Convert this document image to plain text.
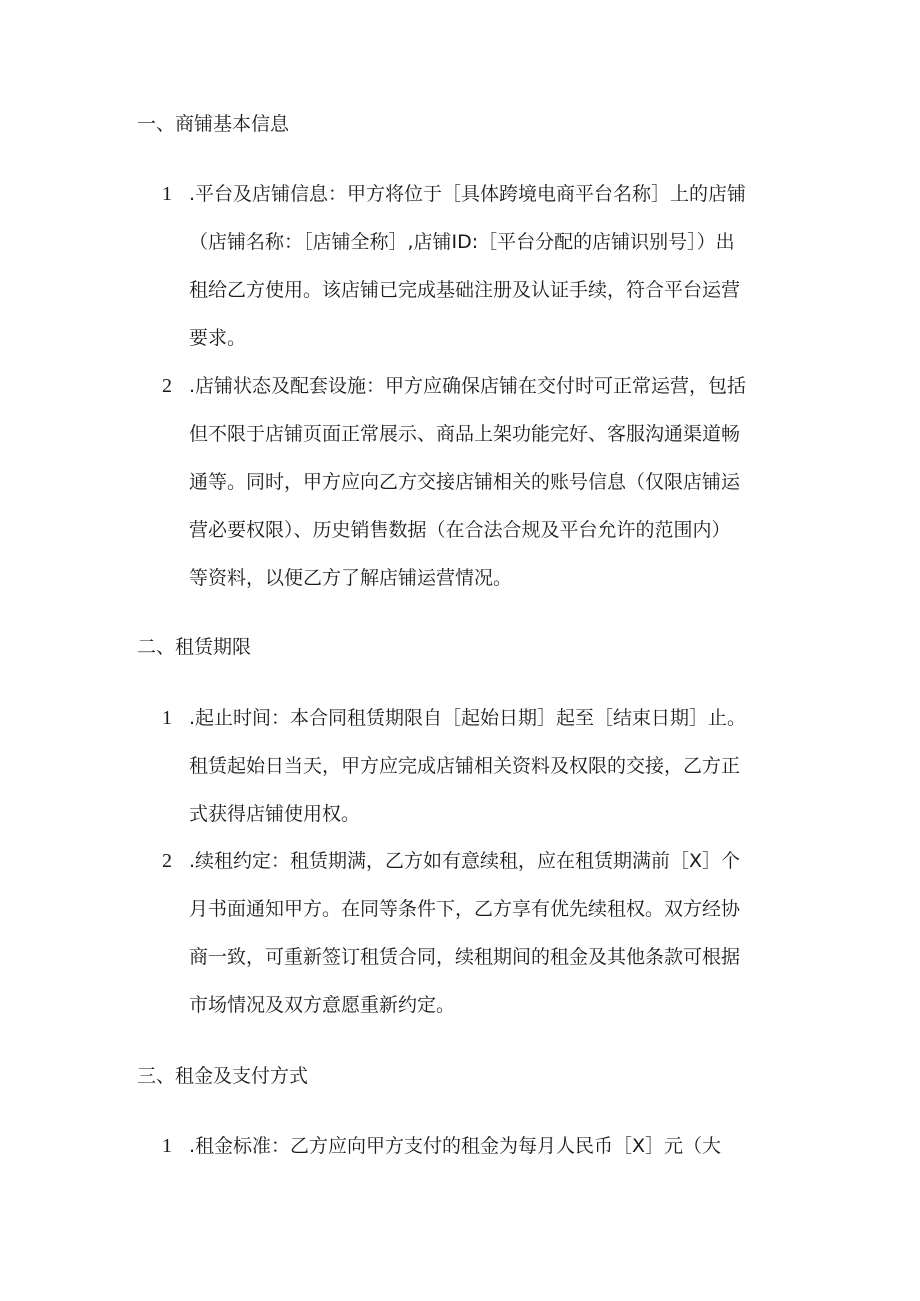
一、商铺基本信息
1 .平台及店铺信息：甲方将位于［具体跨境电商平台名称］上的店铺
（店铺名称：［店铺全称］,店铺ID:［平台分配的店铺识别号］）出
租给乙方使用。该店铺已完成基础注册及认证手续，符合平台运营
要求。
2 .店铺状态及配套设施：甲方应确保店铺在交付时可正常运营，包括
但不限于店铺页面正常展示、商品上架功能完好、客服沟通渠道畅
通等。同时，甲方应向乙方交接店铺相关的账号信息（仅限店铺运
营必要权限）、历史销售数据（在合法合规及平台允许的范围内）
等资料，以便乙方了解店铺运营情况。
二、租赁期限
1 .起止时间：本合同租赁期限自［起始日期］起至［结束日期］止。
租赁起始日当天，甲方应完成店铺相关资料及权限的交接，乙方正
式获得店铺使用权。
2 .续租约定：租赁期满，乙方如有意续租，应在租赁期满前［X］个
月书面通知甲方。在同等条件下，乙方享有优先续租权。双方经协
商一致，可重新签订租赁合同，续租期间的租金及其他条款可根据
市场情况及双方意愿重新约定。
三、租金及支付方式
1 .租金标准：乙方应向甲方支付的租金为每月人民币［X］元（大
